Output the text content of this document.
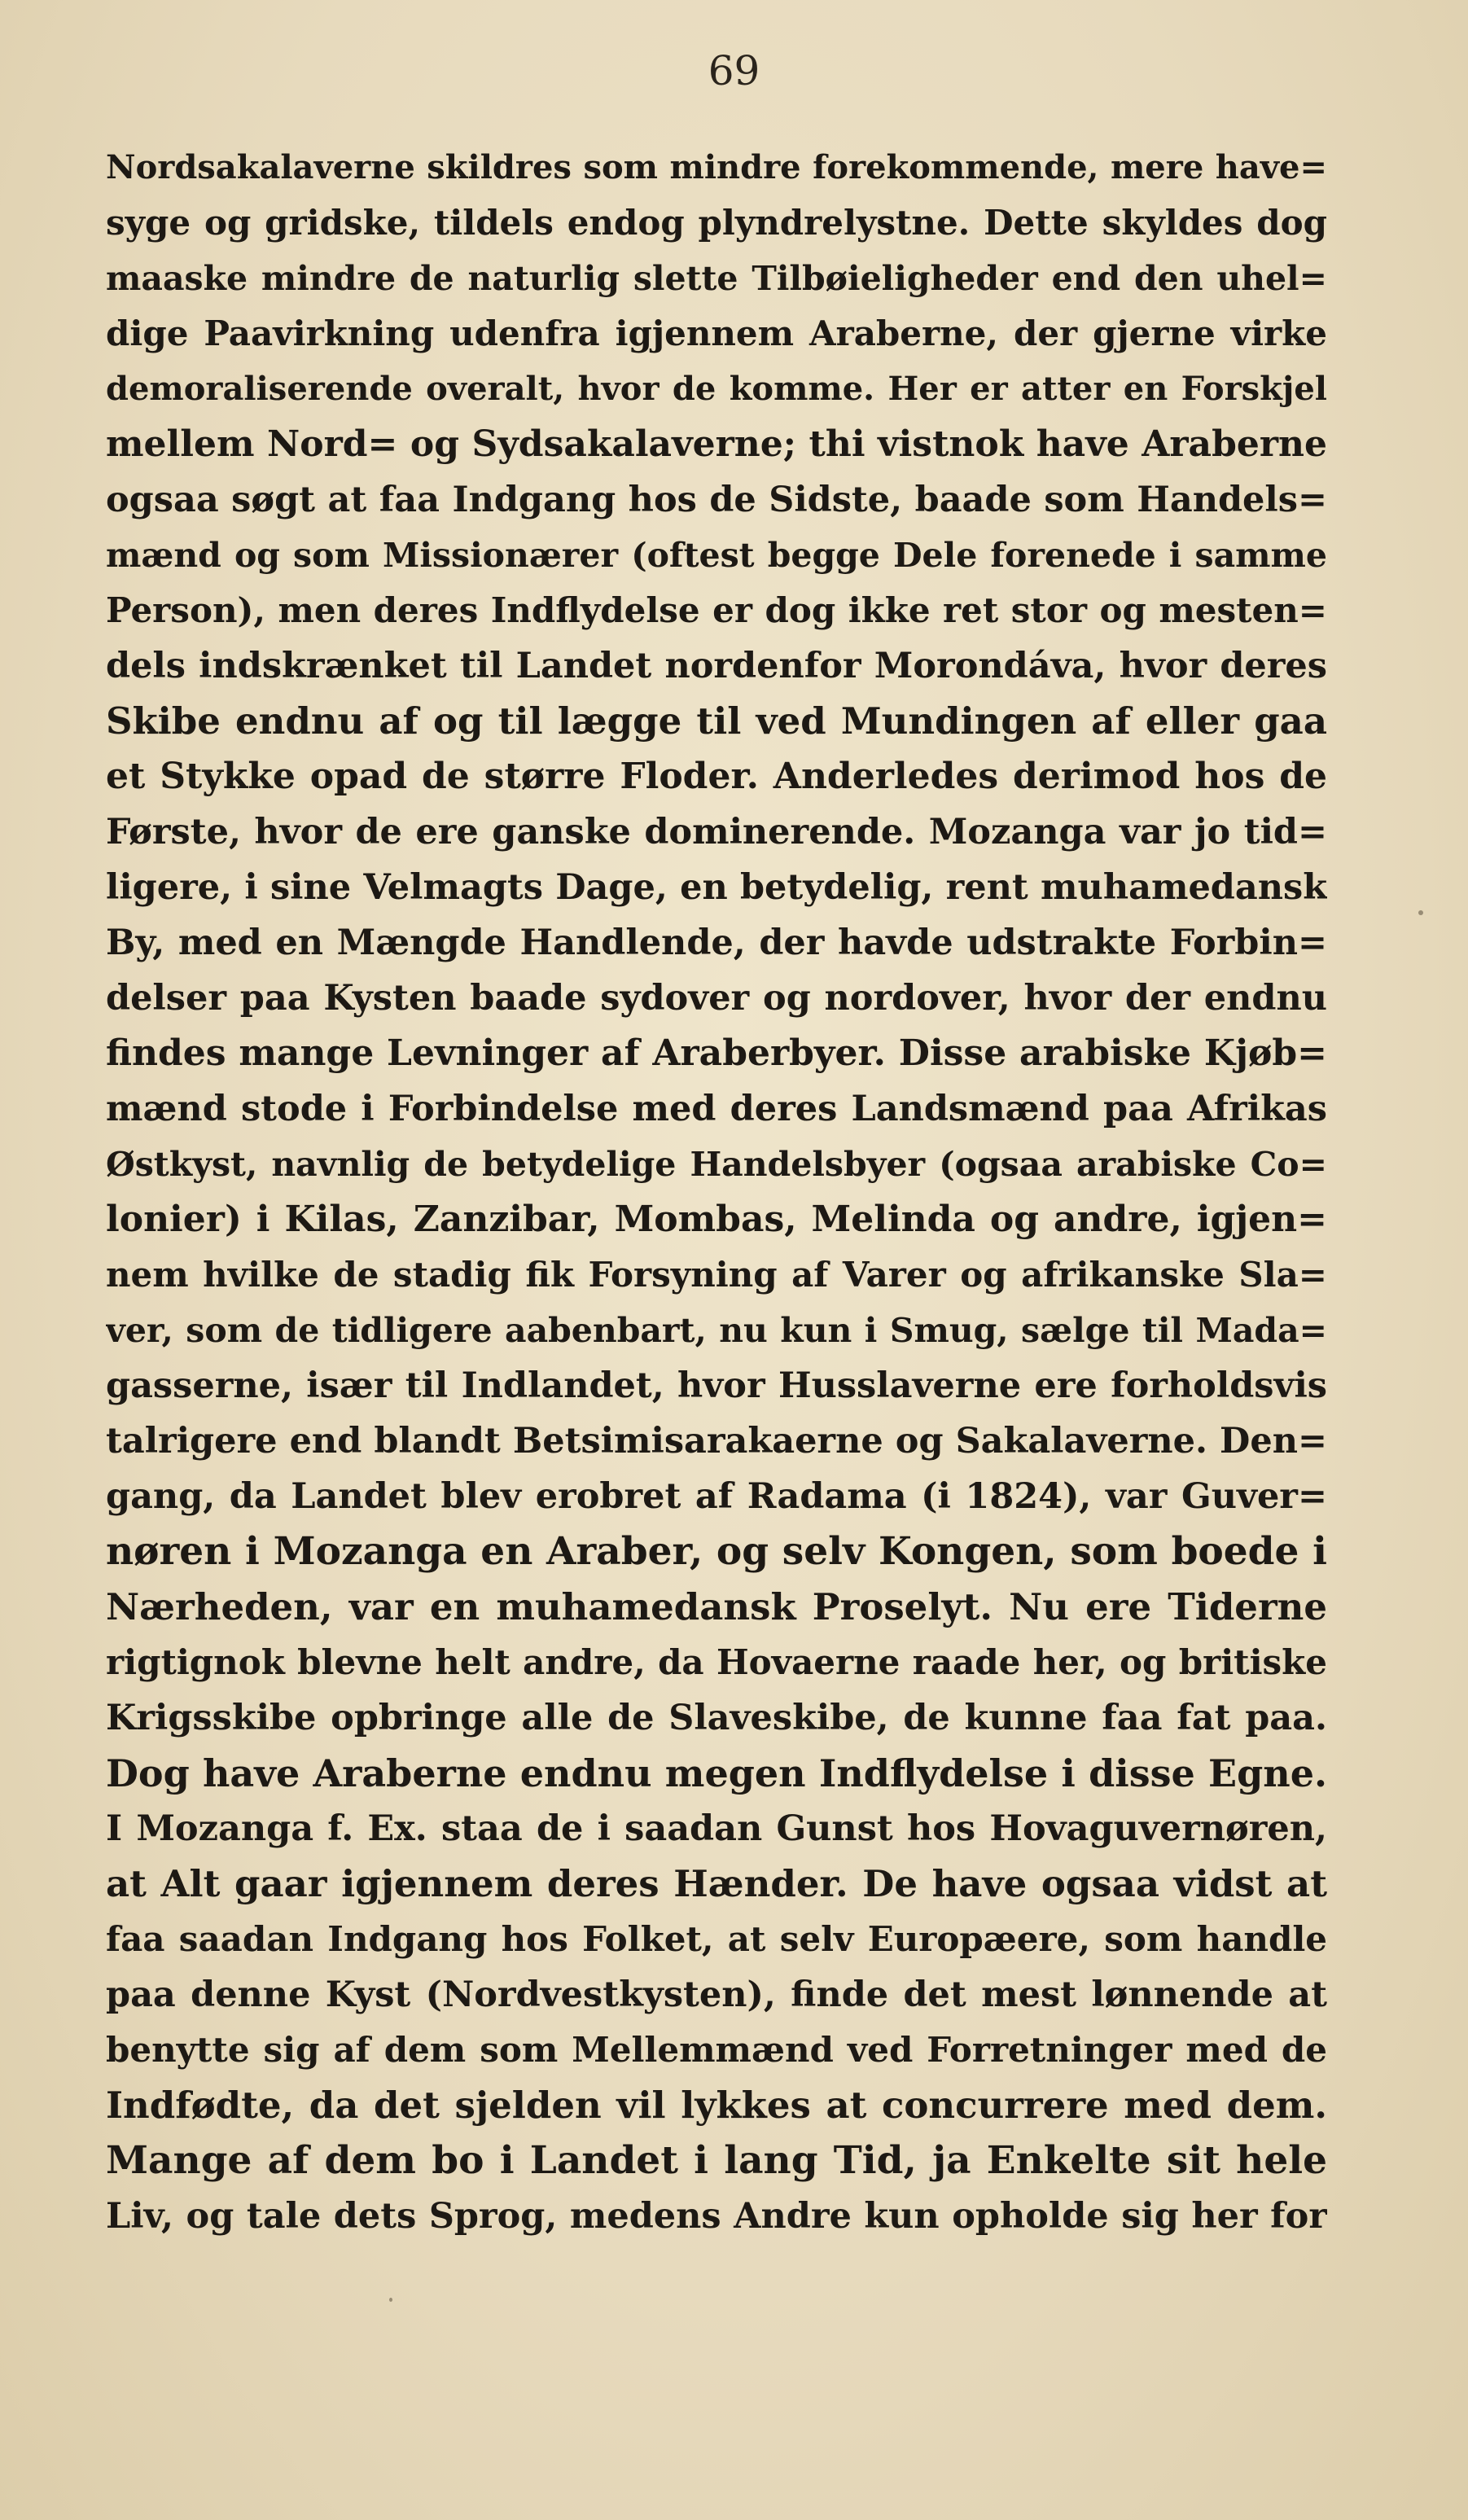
69
Nordsakalaverne skildres som mindre forekommende, mere have=
syge og gridske, tildels endog plyndrelystne. Dette skyldes dog
maaske mindre de naturlig slette Tilbøieligheder end den uhel=
dige Paavirkning udenfra igjennem Araberne, der gjerne virke
demoraliserende overalt, hvor de komme. Her er atter en Forskjel
mellem Nord= og Sydsakalaverne; thi vistnok have Araberne
ogsaa søgt at faa Indgang hos de Sidste, baade som Handels=
mænd og som Missionærer (oftest begge Dele forenede i samme
Person), men deres Indflydelse er dog ikke ret stor og mesten=
dels indskrænket til Landet nordenfor Morondáva, hvor deres
Skibe endnu af og til lægge til ved Mundingen af eller gaa
et Stykke opad de større Floder. Anderledes derimod hos de
Første, hvor de ere ganske dominerende. Mozanga var jo tid=
ligere, i sine Velmagts Dage, en betydelig, rent muhamedansk
By, med en Mængde Handlende, der havde udstrakte Forbin=
delser paa Kysten baade sydover og nordover, hvor der endnu
findes mange Levninger af Araberbyer. Disse arabiske Kjøb=
mænd stode i Forbindelse med deres Landsmænd paa Afrikas
Østkyst, navnlig de betydelige Handelsbyer (ogsaa arabiske Co=
lonier) i Kilas, Zanzibar, Mombas, Melinda og andre, igjen=
nem hvilke de stadig fik Forsyning af Varer og afrikanske Sla=
ver, som de tidligere aabenbart, nu kun i Smug, sælge til Mada=
gasserne, især til Indlandet, hvor Husslaverne ere forholdsvis
talrigere end blandt Betsimisarakaerne og Sakalaverne. Den=
gang, da Landet blev erobret af Radama (i 1824), var Guver=
nøren i Mozanga en Araber, og selv Kongen, som boede i
Nærheden, var en muhamedansk Proselyt. Nu ere Tiderne
rigtignok blevne helt andre, da Hovaerne raade her, og britiske
Krigsskibe opbringe alle de Slaveskibe, de kunne faa fat paa.
Dog have Araberne endnu megen Indflydelse i disse Egne.
I Mozanga f. Ex. staa de i saadan Gunst hos Hovaguvernøren,
at Alt gaar igjennem deres Hænder. De have ogsaa vidst at
faa saadan Indgang hos Folket, at selv Europæere, som handle
paa denne Kyst (Nordvestkysten), finde det mest lønnende at
benytte sig af dem som Mellemmænd ved Forretninger med de
Indfødte, da det sjelden vil lykkes at concurrere med dem.
Mange af dem bo i Landet i lang Tid, ja Enkelte sit hele
Liv, og tale dets Sprog, medens Andre kun opholde sig her for
